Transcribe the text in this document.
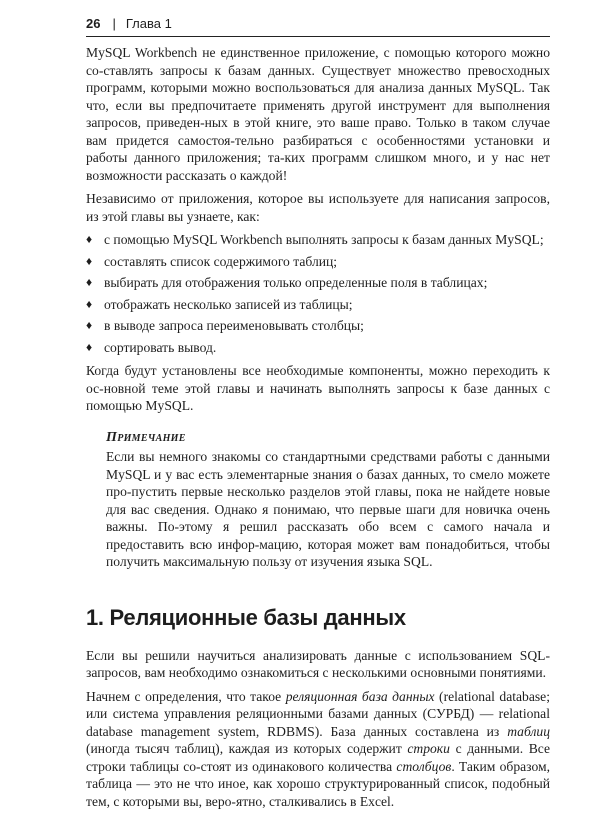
26 | Глава 1

MySQL Workbench не единственное приложение, с помощью которого можно со-ставлять запросы к базам данных. Существует множество превосходных программ, которыми можно воспользоваться для анализа данных MySQL. Так что, если вы предпочитаете применять другой инструмент для выполнения запросов, приведен-ных в этой книге, это ваше право. Только в таком случае вам придется самостоя-тельно разбираться с особенностями установки и работы данного приложения; та-ких программ слишком много, и у нас нет возможности рассказать о каждой!

Независимо от приложения, которое вы используете для написания запросов, из этой главы вы узнаете, как:

♦ с помощью MySQL Workbench выполнять запросы к базам данных MySQL;
♦ составлять список содержимого таблиц;
♦ выбирать для отображения только определенные поля в таблицах;
♦ отображать несколько записей из таблицы;
♦ в выводе запроса переименовывать столбцы;
♦ сортировать вывод.

Когда будут установлены все необходимые компоненты, можно переходить к ос-новной теме этой главы и начинать выполнять запросы к базе данных с помощью MySQL.

Примечание

Если вы немного знакомы со стандартными средствами работы с данными MySQL и у вас есть элементарные знания о базах данных, то смело можете про-пустить первые несколько разделов этой главы, пока не найдете новые для вас сведения. Однако я понимаю, что первые шаги для новичка очень важны. По-этому я решил рассказать обо всем с самого начала и предоставить всю инфор-мацию, которая может вам понадобиться, чтобы получить максимальную пользу от изучения языка SQL.

1. Реляционные базы данных

Если вы решили научиться анализировать данные с использованием SQL-запросов, вам необходимо ознакомиться с несколькими основными понятиями.

Начнем с определения, что такое реляционная база данных (relational database; или система управления реляционными базами данных (СУРБД) — relational database management system, RDBMS). База данных составлена из таблиц (иногда тысяч таблиц), каждая из которых содержит строки с данными. Все строки таблицы со-стоят из одинакового количества столбцов. Таким образом, таблица — это не что иное, как хорошо структурированный список, подобный тем, с которыми вы, веро-ятно, сталкивались в Excel.
